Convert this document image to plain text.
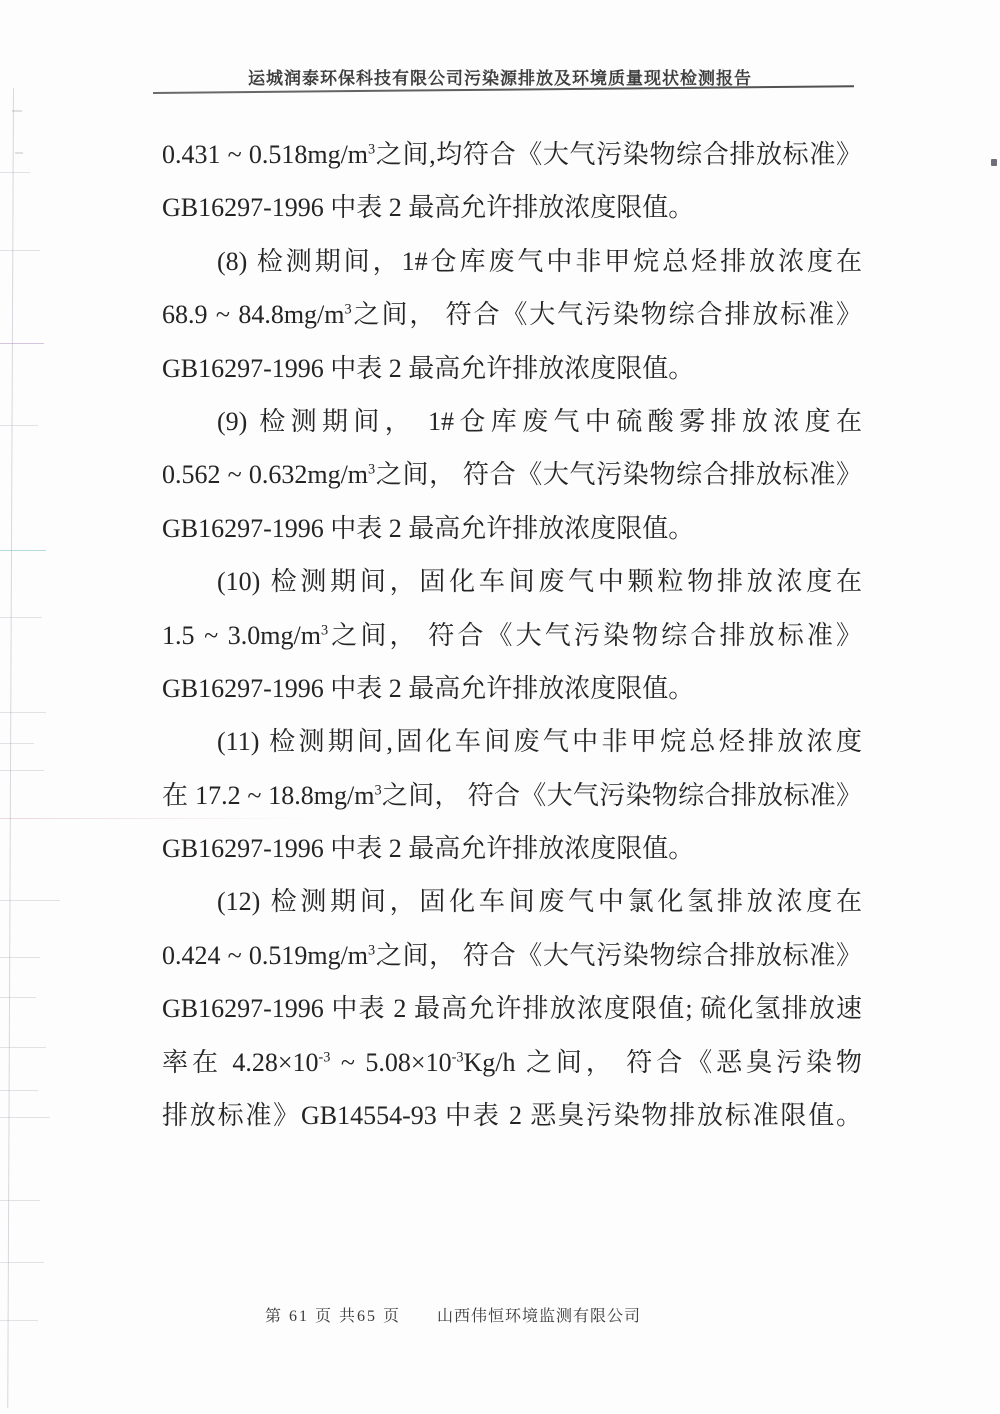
运城润泰环保科技有限公司污染源排放及环境质量现状检测报告
0.431 ~ $0.518mg/m^3$之间,均符合《大气污染物综合排放标准》
GB16297-1996 中表 2 最高允许排放浓度限值。
(8) 检测期间，1#仓库废气中非甲烷总烃排放浓度在
68.9 ~ $84.8mg/m^3$之间， 符合《大气污染物综合排放标准》
GB16297-1996 中表 2 最高允许排放浓度限值。
(9) 检测期间， 1#仓库废气中硫酸雾排放浓度在
0.562 ~ $0.632mg/m^3$之间， 符合《大气污染物综合排放标准》
GB16297-1996 中表 2 最高允许排放浓度限值。
(10) 检测期间，固化车间废气中颗粒物排放浓度在
1.5 ~ $3.0mg/m^3$之间， 符合《大气污染物综合排放标准》
GB16297-1996 中表 2 最高允许排放浓度限值。
(11) 检测期间,固化车间废气中非甲烷总烃排放浓度
在 17.2 ~ $18.8mg/m^3$之间， 符合《大气污染物综合排放标准》
GB16297-1996 中表 2 最高允许排放浓度限值。
(12) 检测期间，固化车间废气中氯化氢排放浓度在
0.424 ~ $0.519mg/m^3$之间， 符合《大气污染物综合排放标准》
GB16297-1996 中表 2 最高允许排放浓度限值; 硫化氢排放速
率在 $4.28\times 10^{-3}$ ~ $5.08\times 10^{-3}Kg/h$ 之间， 符合《恶臭污染物
排放标准》GB14554-93 中表 2 恶臭污染物排放标准限值。
第 61 页 共65 页 山西伟恒环境监测有限公司
